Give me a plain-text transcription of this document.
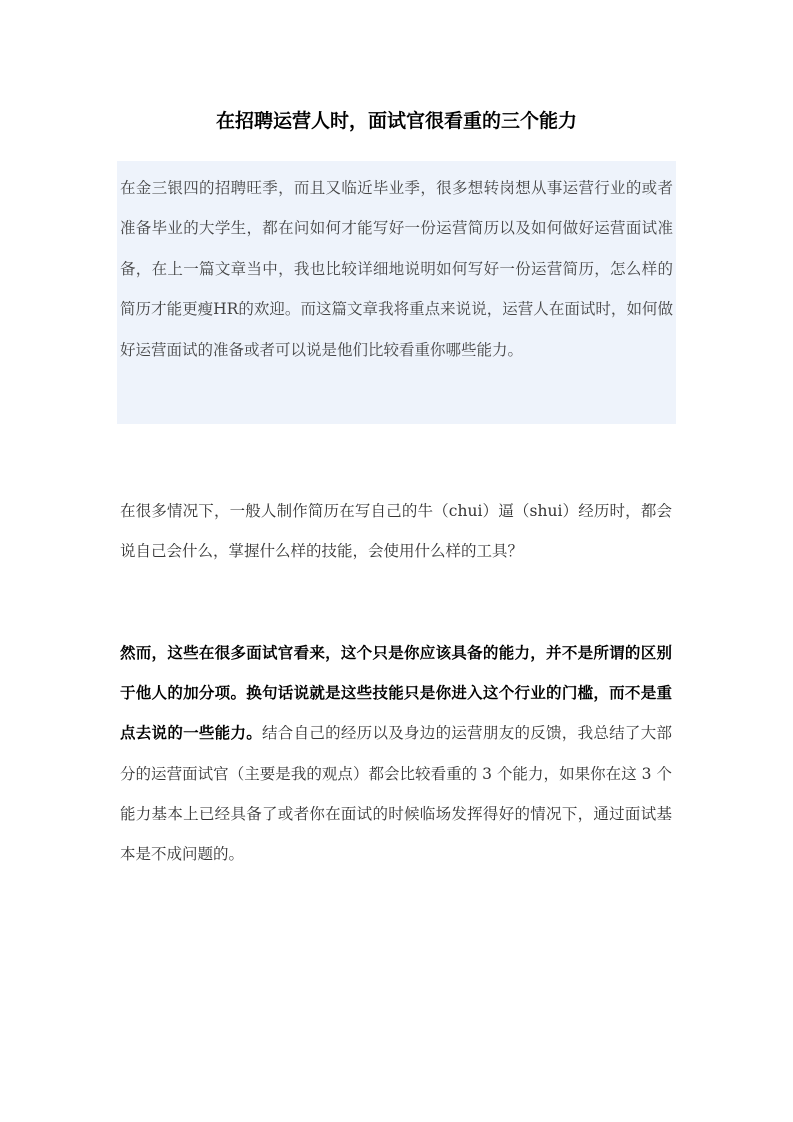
在招聘运营人时，面试官很看重的三个能力

在金三银四的招聘旺季，而且又临近毕业季，很多想转岗想从事运营行业的或者准备毕业的大学生，都在问如何才能写好一份运营简历以及如何做好运营面试准备，在上一篇文章当中，我也比较详细地说明如何写好一份运营简历，怎么样的简历才能更瘦HR的欢迎。而这篇文章我将重点来说说，运营人在面试时，如何做好运营面试的准备或者可以说是他们比较看重你哪些能力。

在很多情况下，一般人制作简历在写自己的牛（chui）逼（shui）经历时，都会说自己会什么，掌握什么样的技能，会使用什么样的工具？

然而，这些在很多面试官看来，这个只是你应该具备的能力，并不是所谓的区别于他人的加分项。换句话说就是这些技能只是你进入这个行业的门槛，而不是重点去说的一些能力。结合自己的经历以及身边的运营朋友的反馈，我总结了大部分的运营面试官（主要是我的观点）都会比较看重的 3 个能力，如果你在这 3 个能力基本上已经具备了或者你在面试的时候临场发挥得好的情况下，通过面试基本是不成问题的。
